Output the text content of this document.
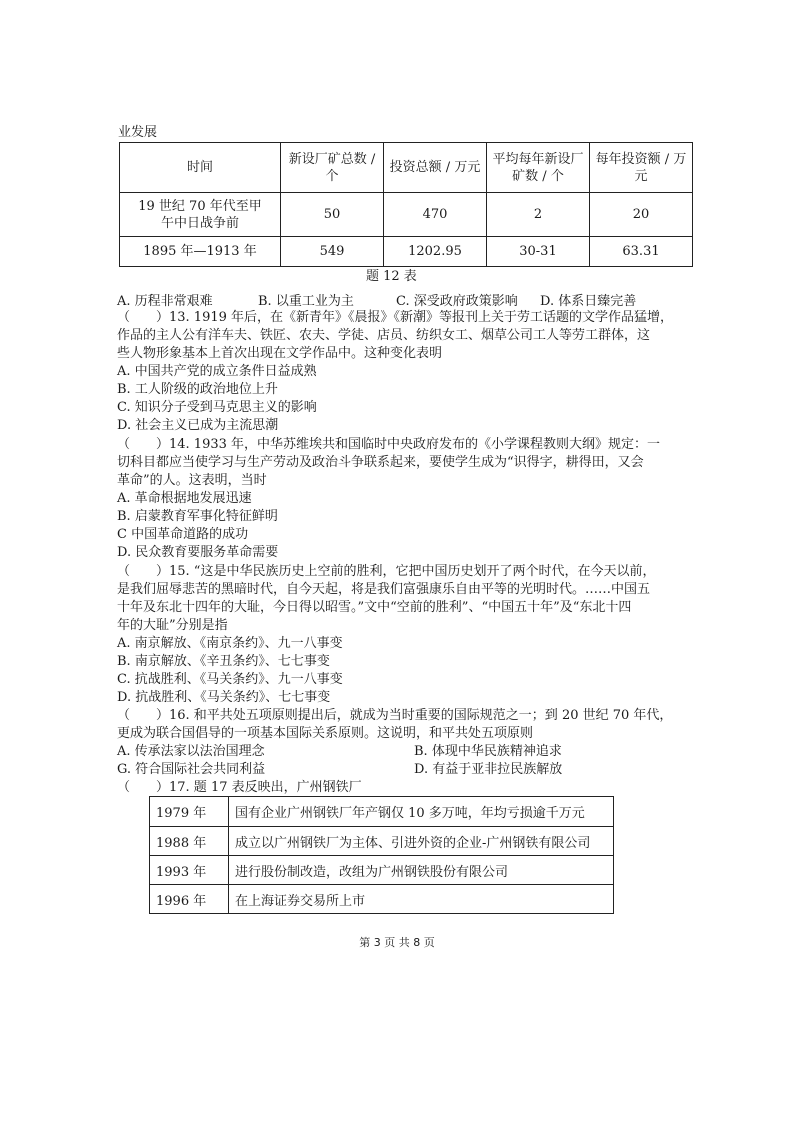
业发展
时间	新设厂矿总数 / 个	投资总额 / 万元	平均每年新设厂矿数 / 个	每年投资额 / 万元
19 世纪 70 年代至甲午中日战争前	50	470	2	20
1895 年—1913 年	549	1202.95	30-31	63.31
题 12 表
A. 历程非常艰难	B. 以重工业为主	C. 深受政府政策影响 D. 体系日臻完善
（　　）13. 1919 年后，在《新青年》《晨报》《新潮》等报刊上关于劳工话题的文学作品猛增，
作品的主人公有洋车夫、铁匠、农夫、学徒、店员、纺织女工、烟草公司工人等劳工群体，这
些人物形象基本上首次出现在文学作品中。这种变化表明
A. 中国共产党的成立条件日益成熟
B. 工人阶级的政治地位上升
C. 知识分子受到马克思主义的影响
D. 社会主义已成为主流思潮
（　　）14. 1933 年，中华苏维埃共和国临时中央政府发布的《小学课程教则大纲》规定：一
切科目都应当使学习与生产劳动及政治斗争联系起来，要使学生成为“识得字，耕得田，又会
革命”的人。这表明，当时
A. 革命根据地发展迅速
B. 启蒙教育军事化特征鲜明
C 中国革命道路的成功
D. 民众教育要服务革命需要
（　　）15. “这是中华民族历史上空前的胜利，它把中国历史划开了两个时代，在今天以前，
是我们屈辱悲苦的黑暗时代，自今天起，将是我们富强康乐自由平等的光明时代。……中国五
十年及东北十四年的大耻，今日得以昭雪。”文中“空前的胜利”、“中国五十年”及“东北十四
年的大耻”分别是指
A. 南京解放、《南京条约》、九一八事变
B. 南京解放、《辛丑条约》、七七事变
C. 抗战胜利、《马关条约》、九一八事变
D. 抗战胜利、《马关条约》、七七事变
（　　）16. 和平共处五项原则提出后，就成为当时重要的国际规范之一；到 20 世纪 70 年代，
更成为联合国倡导的一项基本国际关系原则。这说明，和平共处五项原则
A. 传承法家以法治国理念	B. 体现中华民族精神追求
G. 符合国际社会共同利益	D. 有益于亚非拉民族解放
（　　）17. 题 17 表反映出，广州钢铁厂
1979 年	国有企业广州钢铁厂年产钢仅 10 多万吨，年均亏损逾千万元
1988 年	成立以广州钢铁厂为主体、引进外资的企业-广州钢铁有限公司
1993 年	进行股份制改造，改组为广州钢铁股份有限公司
1996 年	在上海证券交易所上市
第 3 页 共 8 页
